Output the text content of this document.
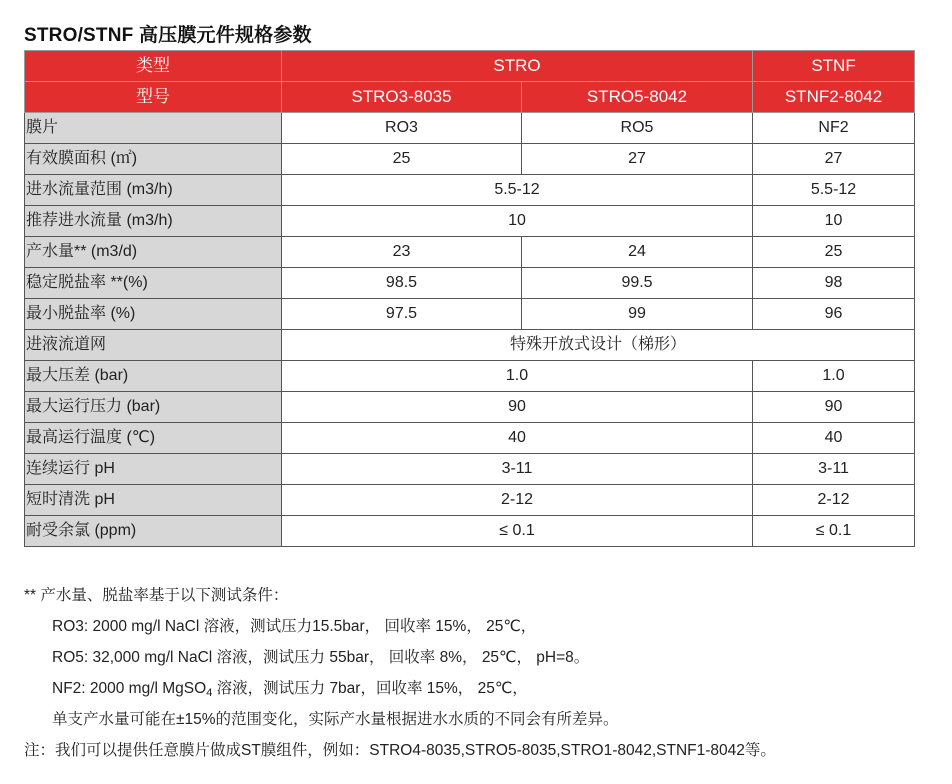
STRO/STNF 高压膜元件规格参数
类型	STRO		STNF
型号	STRO3-8035	STRO5-8042	STNF2-8042
膜片	RO3	RO5	NF2
有效膜面积 (㎡)	25	27	27
进水流量范围 (m3/h)	5.5-12		5.5-12
推荐进水流量 (m3/h)	10		10
产水量** (m3/d)	23	24	25
稳定脱盐率 **(%)	98.5	99.5	98
最小脱盐率 (%)	97.5	99	96
进液流道网	特殊开放式设计（梯形）		
最大压差 (bar)	1.0		1.0
最大运行压力 (bar)	90		90
最高运行温度 (℃)	40		40
连续运行 pH	3-11		3-11
短时清洗 pH	2-12		2-12
耐受余氯 (ppm)	≤ 0.1		≤ 0.1
** 产水量、脱盐率基于以下测试条件：
RO3: 2000 mg/l NaCl 溶液，测试压力15.5bar， 回收率 15%， 25℃，
RO5: 32,000 mg/l NaCl 溶液，测试压力 55bar， 回收率 8%， 25℃， pH=8。
NF2: 2000 mg/l MgSO$_4$ 溶液，测试压力 7bar，回收率 15%， 25℃，
单支产水量可能在±15%的范围变化，实际产水量根据进水水质的不同会有所差异。
注：我们可以提供任意膜片做成ST膜组件，例如：STRO4-8035,STRO5-8035,STRO1-8042,STNF1-8042等。
